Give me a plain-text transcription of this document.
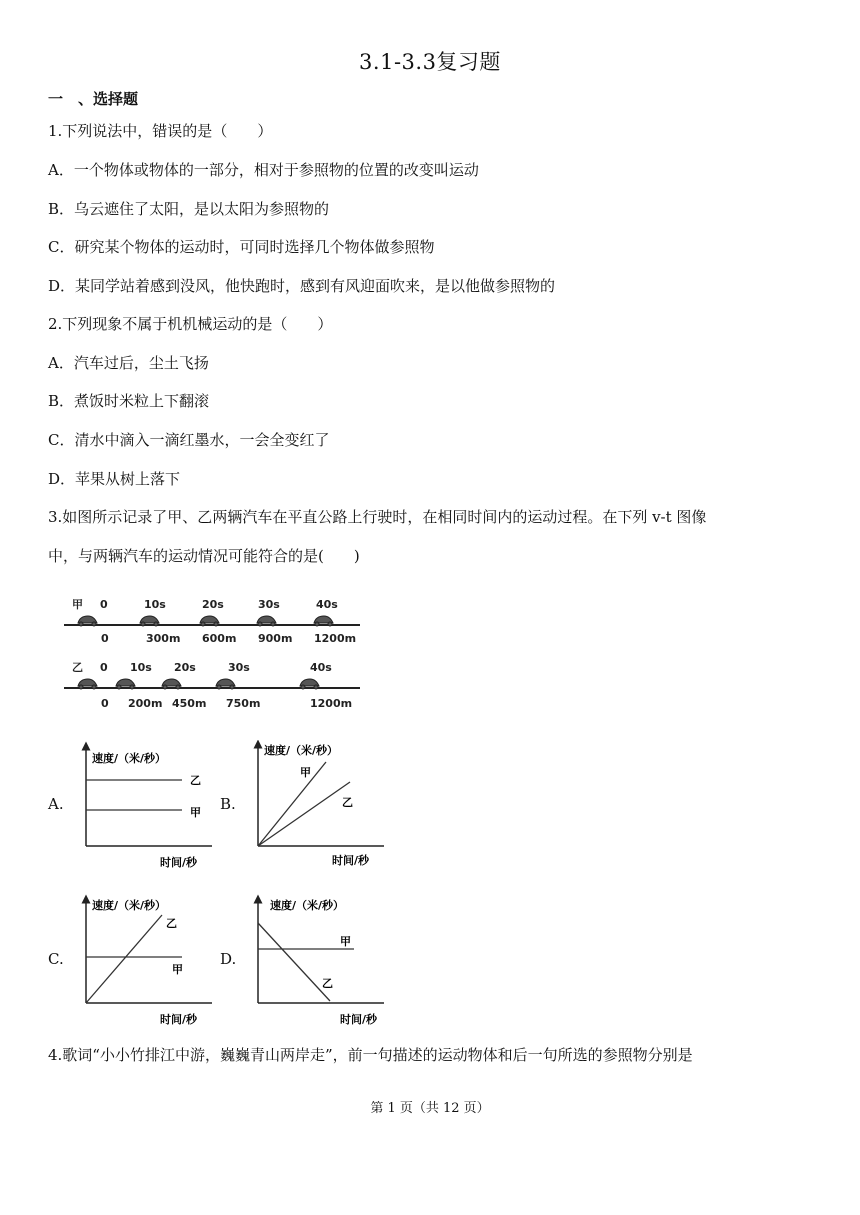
3.1-3.3复习题
一　、选择题
1.下列说法中，错误的是（　　）
A．一个物体或物体的一部分，相对于参照物的位置的改变叫运动
B．乌云遮住了太阳，是以太阳为参照物的
C．研究某个物体的运动时，可同时选择几个物体做参照物
D．某同学站着感到没风，他快跑时，感到有风迎面吹来，是以他做参照物的
2.下列现象不属于机机械运动的是（　　）
A．汽车过后，尘土飞扬
B．煮饭时米粒上下翻滚
C．清水中滴入一滴红墨水，一会全变红了
D．苹果从树上落下
3.如图所示记录了甲、乙两辆汽车在平直公路上行驶时，在相同时间内的运动过程。在下列 v-t 图像
中，与两辆汽车的运动情况可能符合的是(　　)
甲 0	10s	20s	30s	40s
0	300m 600m 900m 1200m
乙 0 10s 20s	30s	40s
0 200m 450m 750m	1200m
A.	B.
C.	D.
速度/（米/秒）
时间/秒
乙
甲
速度/（米/秒）
时间/秒
甲
乙
速度/（米/秒）
时间/秒
乙
甲
速度/（米/秒）
时间/秒
甲
乙
4.歌词“小小竹排江中游，巍巍青山两岸走”，前一句描述的运动物体和后一句所选的参照物分别是
第 1 页（共 12 页）
